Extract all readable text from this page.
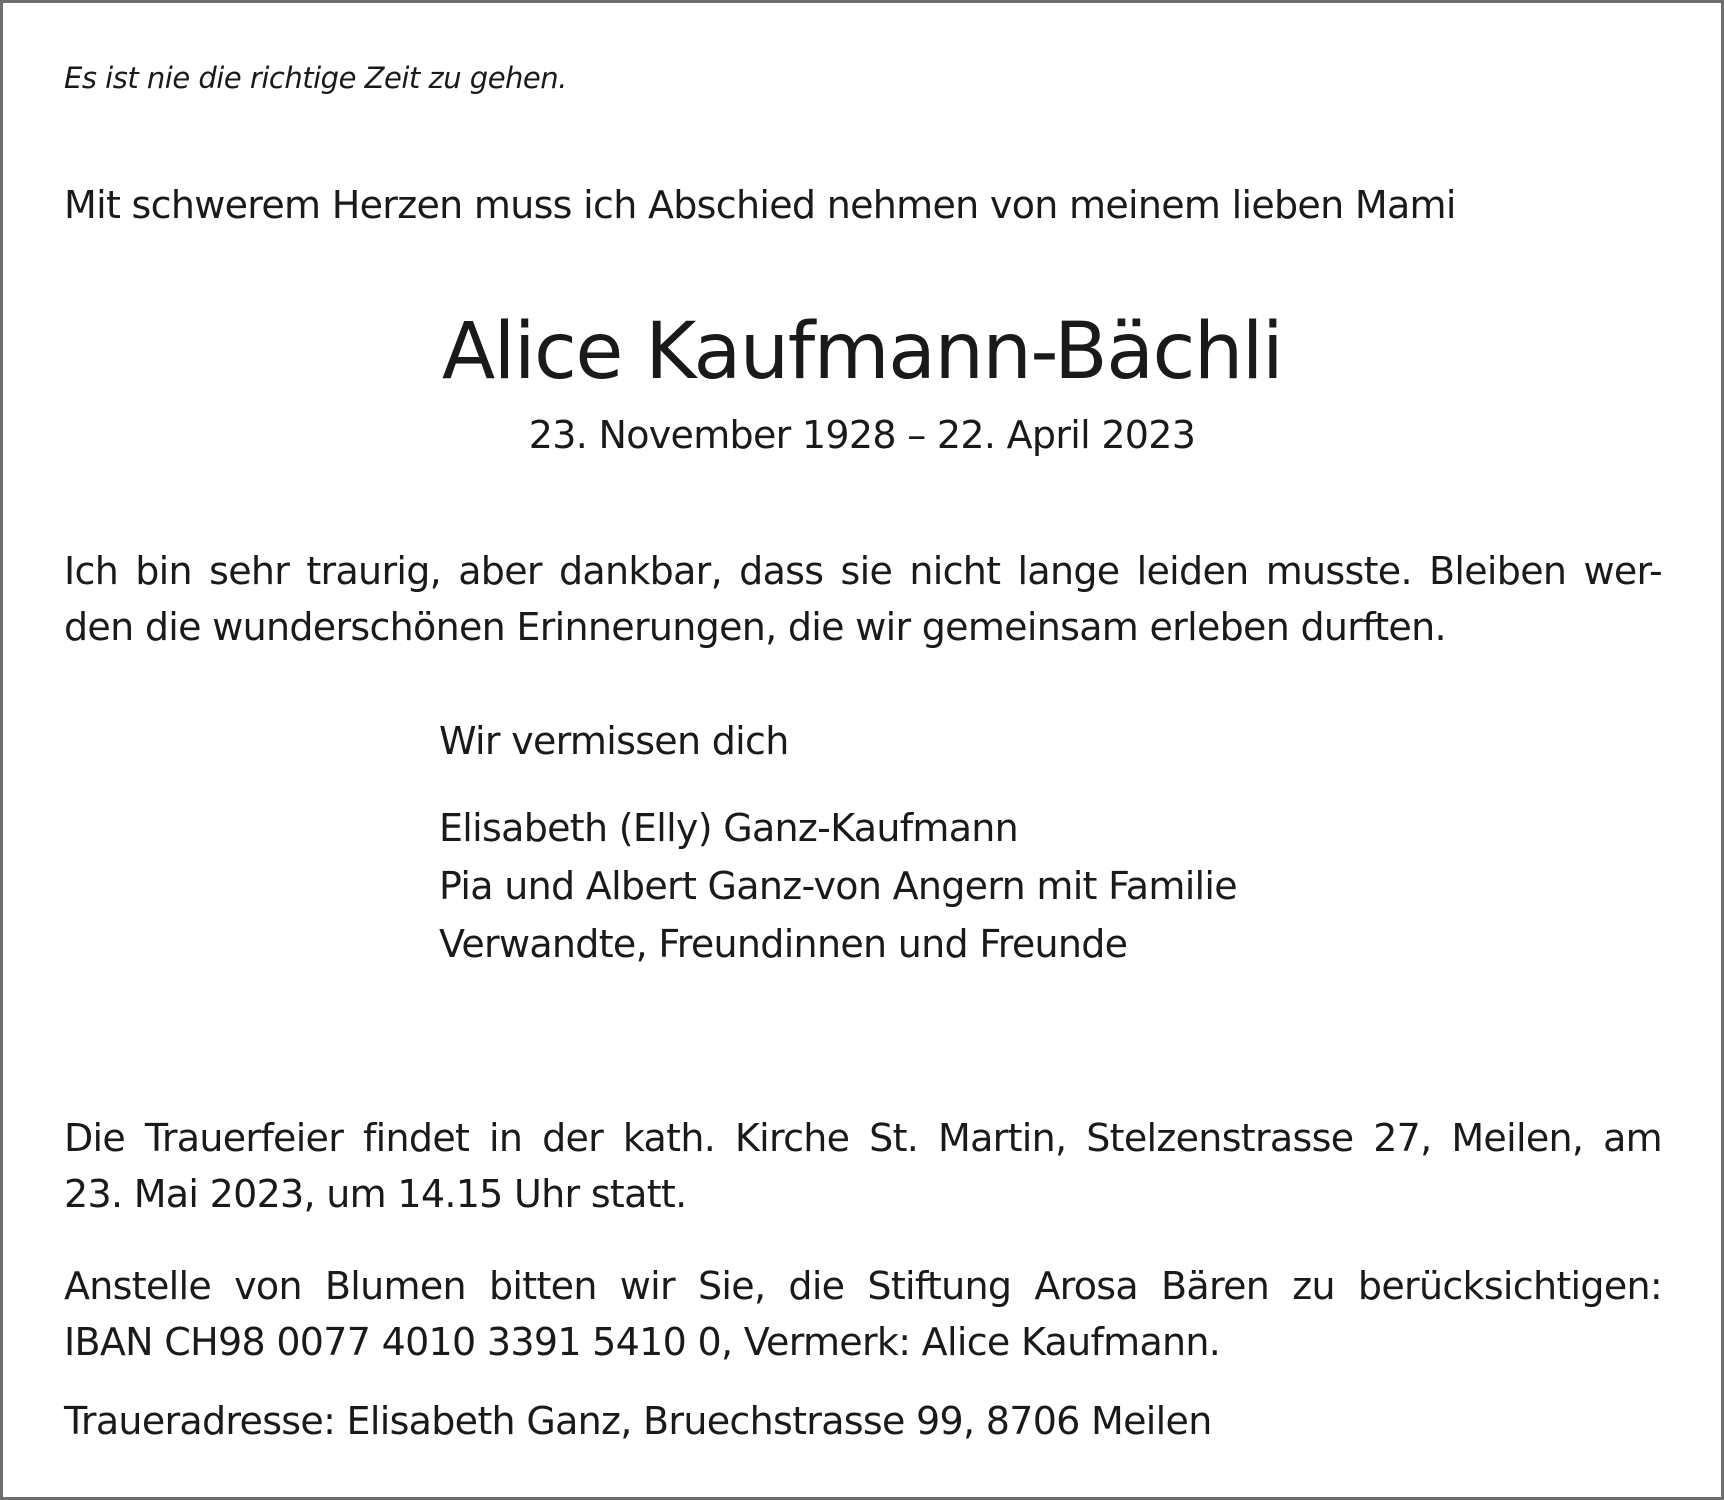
Es ist nie die richtige Zeit zu gehen.
Mit schwerem Herzen muss ich Abschied nehmen von meinem lieben Mami
Alice Kaufmann-Bächli
23. November 1928 – 22. April 2023
Ich bin sehr traurig, aber dankbar, dass sie nicht lange leiden musste. Bleiben wer-
den die wunderschönen Erinnerungen, die wir gemeinsam erleben durften.
Wir vermissen dich
Elisabeth (Elly) Ganz-Kaufmann
Pia und Albert Ganz-von Angern mit Familie
Verwandte, Freundinnen und Freunde
Die Trauerfeier findet in der kath. Kirche St. Martin, Stelzenstrasse 27, Meilen, am
23. Mai 2023, um 14.15 Uhr statt.
Anstelle von Blumen bitten wir Sie, die Stiftung Arosa Bären zu berücksichtigen:
IBAN CH98 0077 4010 3391 5410 0, Vermerk: Alice Kaufmann.
Traueradresse: Elisabeth Ganz, Bruechstrasse 99, 8706 Meilen
